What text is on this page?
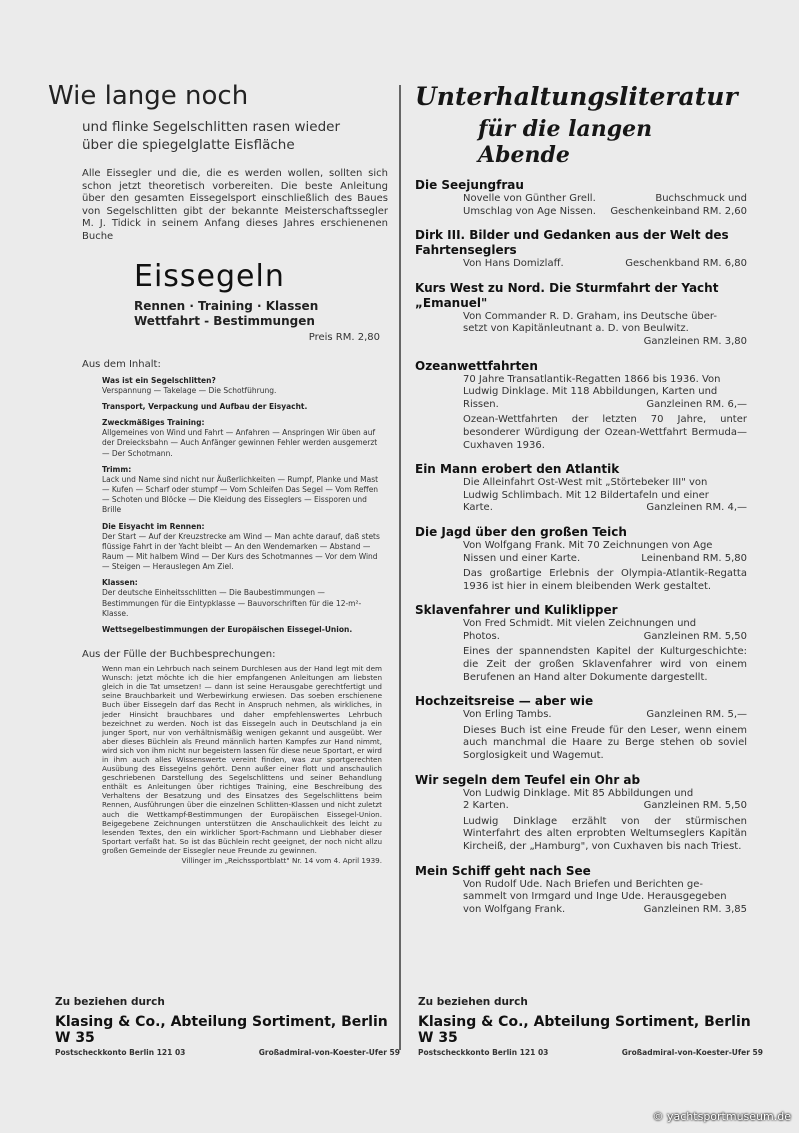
Wie lange noch
und flinke Segelschlitten rasen wieder
über die spiegelglatte Eisfläche
Alle Eissegler und die, die es werden wollen, sollten sich schon jetzt theoretisch vorbereiten. Die beste Anleitung über den gesamten Eissegelsport einschließlich des Baues von Segelschlitten gibt der bekannte Meisterschaftssegler M. J. Tidick in seinem Anfang dieses Jahres erschienenen Buche
Eissegeln
Rennen · Training · Klassen
Wettfahrt - Bestimmungen
Preis RM. 2,80
Aus dem Inhalt:
Was ist ein Segelschlitten?
Verspannung — Takelage — Die Schotführung.
Transport, Verpackung und Aufbau der Eisyacht.
Zweckmäßiges Training:
Allgemeines von Wind und Fahrt — Anfahren — Anspringen Wir üben auf der Dreiecksbahn — Auch Anfänger gewinnen Fehler werden ausgemerzt — Der Schotmann.
Trimm:
Lack und Name sind nicht nur Äußerlichkeiten — Rumpf, Planke und Mast — Kufen — Scharf oder stumpf — Vom Schleifen Das Segel — Vom Reffen — Schoten und Blöcke — Die Kleidung des Eisseglers — Eissporen und Brille
Die Eisyacht im Rennen:
Der Start — Auf der Kreuzstrecke am Wind — Man achte darauf, daß stets flüssige Fahrt in der Yacht bleibt — An den Wendemarken — Abstand — Raum — Mit halbem Wind — Der Kurs des Schotmannes — Vor dem Wind — Steigen — Herauslegen Am Ziel.
Klassen:
Der deutsche Einheitsschlitten — Die Baubestimmungen — Bestimmungen für die Eintypklasse — Bauvorschriften für die 12-m²-Klasse.
Wettsegelbestimmungen der Europäischen Eissegel-Union.
Aus der Fülle der Buchbesprechungen:
Wenn man ein Lehrbuch nach seinem Durchlesen aus der Hand legt mit dem Wunsch: jetzt möchte ich die hier empfangenen Anleitungen am liebsten gleich in die Tat umsetzen! — dann ist seine Herausgabe gerechtfertigt und seine Brauchbarkeit und Werbewirkung erwiesen. Das soeben erschienene Buch über Eissegeln darf das Recht in Anspruch nehmen, als wirkliches, in jeder Hinsicht brauchbares und daher empfehlenswertes Lehrbuch bezeichnet zu werden. Noch ist das Eissegeln auch in Deutschland ja ein junger Sport, nur von verhältnismäßig wenigen gekannt und ausgeübt. Wer aber dieses Büchlein als Freund männlich harten Kampfes zur Hand nimmt, wird sich von ihm nicht nur begeistern lassen für diese neue Sportart, er wird in ihm auch alles Wissenswerte vereint finden, was zur sportgerechten Ausübung des Eissegelns gehört. Denn außer einer flott und anschaulich geschriebenen Darstellung des Segelschlittens und seiner Behandlung enthält es Anleitungen über richtiges Training, eine Beschreibung des Verhaltens der Besatzung und des Einsatzes des Segelschlittens beim Rennen, Ausführungen über die einzelnen Schlitten-Klassen und nicht zuletzt auch die Wettkampf-Bestimmungen der Europäischen Eissegel-Union. Beigegebene Zeichnungen unterstützen die Anschaulichkeit des leicht zu lesenden Textes, den ein wirklicher Sport-Fachmann und Liebhaber dieser Sportart verfaßt hat. So ist das Büchlein recht geeignet, der noch nicht allzu großen Gemeinde der Eissegler neue Freunde zu gewinnen.
Villinger im „Reichssportblatt" Nr. 14 vom 4. April 1939.
Unterhaltungsliteratur
für die langen Abende
Die Seejungfrau
Novelle von Günther Grell.	Buchschmuck und
Umschlag von Age Nissen. Geschenkeinband RM. 2,60
Dirk III. Bilder und Gedanken aus der Welt des Fahrtenseglers
Von Hans Domizlaff.	Geschenkband RM. 6,80
Kurs West zu Nord. Die Sturmfahrt der Yacht „Emanuel"
Von Commander R. D. Graham, ins Deutsche über-
setzt von Kapitänleutnant a. D. von Beulwitz.
Ganzleinen RM. 3,80
Ozeanwettfahrten
70 Jahre Transatlantik-Regatten 1866 bis 1936. Von
Ludwig Dinklage. Mit 118 Abbildungen, Karten und
Rissen.	Ganzleinen RM. 6,—
Ozean-Wettfahrten der letzten 70 Jahre, unter besonderer Würdigung der Ozean-Wettfahrt Bermuda—Cuxhaven 1936.
Ein Mann erobert den Atlantik
Die Alleinfahrt Ost-West mit „Störtebeker III" von
Ludwig Schlimbach. Mit 12 Bildertafeln und einer
Karte.	Ganzleinen RM. 4,—
Die Jagd über den großen Teich
Von Wolfgang Frank. Mit 70 Zeichnungen von Age
Nissen und einer Karte.	Leinenband RM. 5,80
Das großartige Erlebnis der Olympia-Atlantik-Regatta 1936 ist hier in einem bleibenden Werk gestaltet.
Sklavenfahrer und Kuliklipper
Von Fred Schmidt. Mit vielen Zeichnungen und
Photos.	Ganzleinen RM. 5,50
Eines der spannendsten Kapitel der Kulturgeschichte: die Zeit der großen Sklavenfahrer wird von einem Berufenen an Hand alter Dokumente dargestellt.
Hochzeitsreise — aber wie
Von Erling Tambs.	Ganzleinen RM. 5,—
Dieses Buch ist eine Freude für den Leser, wenn einem auch manchmal die Haare zu Berge stehen ob soviel Sorglosigkeit und Wagemut.
Wir segeln dem Teufel ein Ohr ab
Von Ludwig Dinklage. Mit 85 Abbildungen und
2 Karten.	Ganzleinen RM. 5,50
Ludwig Dinklage erzählt von der stürmischen Winterfahrt des alten erprobten Weltumseglers Kapitän Kircheiß, der „Hamburg", von Cuxhaven bis nach Triest.
Mein Schiff geht nach See
Von Rudolf Ude. Nach Briefen und Berichten ge-
sammelt von Irmgard und Inge Ude. Herausgegeben
von Wolfgang Frank.	Ganzleinen RM. 3,85
Zu beziehen durch
Klasing & Co., Abteilung Sortiment, Berlin W 35
Postscheckkonto Berlin 121 03	Großadmiral-von-Koester-Ufer 59
Zu beziehen durch
Klasing & Co., Abteilung Sortiment, Berlin W 35
Postscheckkonto Berlin 121 03	Großadmiral-von-Koester-Ufer 59
© yachtsportmuseum.de
